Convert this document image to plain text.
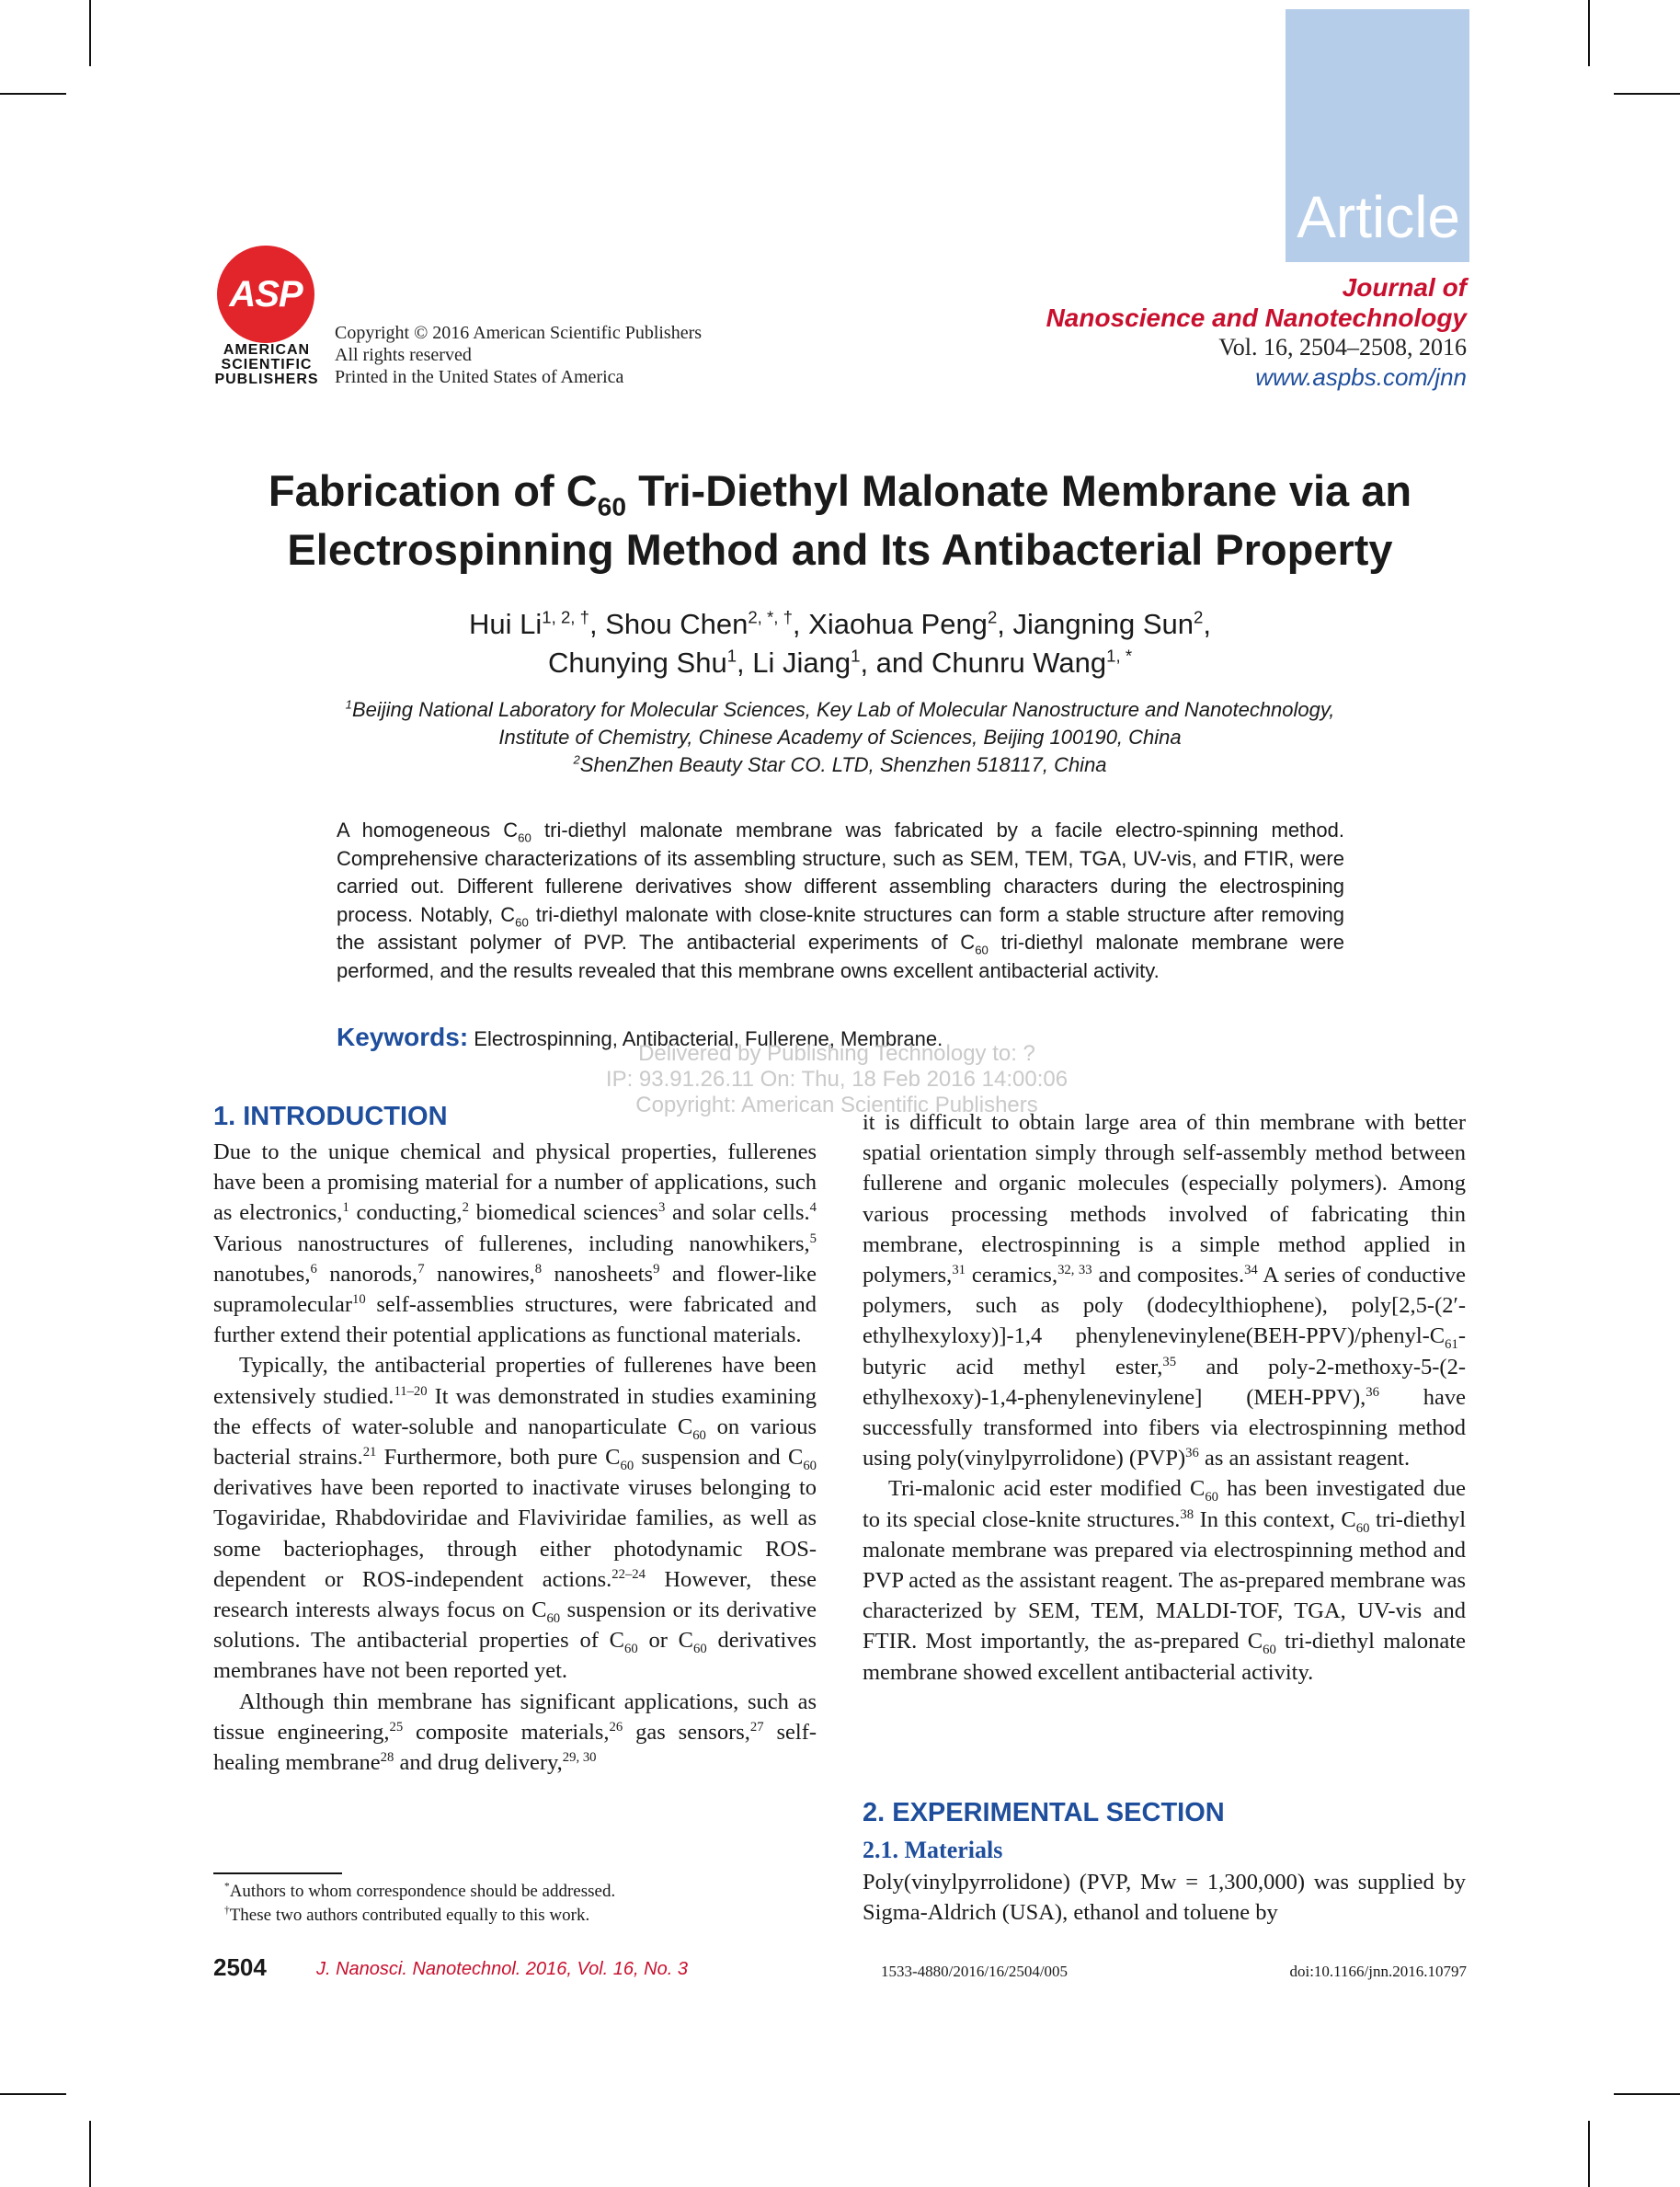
Article
ASP
AMERICAN
SCIENTIFIC
PUBLISHERS
Copyright © 2016 American Scientific Publishers
All rights reserved
Printed in the United States of America
Journal of
Nanoscience and Nanotechnology
Vol. 16, 2504–2508, 2016
www.aspbs.com/jnn
Fabrication of $C_{60}$ Tri-Diethyl Malonate Membrane via an
Electrospinning Method and Its Antibacterial Property
Hui $Li^{1, 2, \dagger}$, Shou Chen$^{2, *, \dagger}$, Xiaohua Peng$^2$, Jiangning Sun$^2$,
Chunying Shu$^1$, Li Jiang$^1$, and Chunru Wang$^{1, *}$
$^1$Beijing National Laboratory for Molecular Sciences, Key Lab of Molecular Nanostructure and Nanotechnology,
Institute of Chemistry, Chinese Academy of Sciences, Beijing 100190, China
$^2$ShenZhen Beauty Star CO. LTD, Shenzhen 518117, China
A homogeneous $C_{60}$ tri-diethyl malonate membrane was fabricated by a facile electro-spinning method. Comprehensive characterizations of its assembling structure, such as SEM, TEM, TGA, UV-vis, and FTIR, were carried out. Different fullerene derivatives show different assembling characters during the electrospining process. Notably, $C_{60}$ tri-diethyl malonate with close-knite structures can form a stable structure after removing the assistant polymer of PVP. The antibacterial experiments of $C_{60}$ tri-diethyl malonate membrane were performed, and the results revealed that this membrane owns excellent antibacterial activity.
Keywords: Electrospinning, Antibacterial, Fullerene, Membrane.
Delivered by Publishing Technology to: ?
IP: 93.91.26.11 On: Thu, 18 Feb 2016 14:00:06
Copyright: American Scientific Publishers
1. INTRODUCTION
2. EXPERIMENTAL SECTION
2.1. Materials

Due to the unique chemical and physical properties, fullerenes have been a promising material for a number of applications, such as electronics,$^1$ conducting,$^2$ biomedical sciences$^3$ and solar cells.$^4$ Various nanostructures of fullerenes, including nanowhikers,$^5$ nanotubes,$^6$ nanorods,$^7$ nanowires,$^8$ nanosheets$^9$ and flower-like supramolecular$^{10}$ self-assemblies structures, were fabricated and further extend their potential applications as functional materials.

Typically, the antibacterial properties of fullerenes have been extensively studied.$^{11-20}$ It was demonstrated in studies examining the effects of water-soluble and nanoparticulate $C_{60}$ on various bacterial strains.$^{21}$ Furthermore, both pure $C_{60}$ suspension and $C_{60}$ derivatives have been reported to inactivate viruses belonging to Togaviridae, Rhabdoviridae and Flaviviridae families, as well as some bacteriophages, through either photodynamic ROS-dependent or ROS-independent actions.$^{22-24}$ However, these research interests always focus on $C_{60}$ suspension or its derivative solutions. The antibacterial properties of $C_{60}$ or $C_{60}$ derivatives membranes have not been reported yet.

Although thin membrane has significant applications, such as tissue engineering,$^{25}$ composite materials,$^{26}$ gas sensors,$^{27}$ self-healing membrane$^{28}$ and drug delivery,$^{29, 30}$

it is difficult to obtain large area of thin membrane with better spatial orientation simply through self-assembly method between fullerene and organic molecules (especially polymers). Among various processing methods involved of fabricating thin membrane, electrospinning is a simple method applied in polymers,$^{31}$ ceramics,$^{32, 33}$ and composites.$^{34}$ A series of conductive polymers, such as poly (dodecylthiophene), poly[2,5-(2′-ethylhexyloxy)]-1,4 $phenylenevinylene(BEH-PPV)/phenyl-C_{61}$-butyric acid methyl ester,$^{35}$ and poly-2-methoxy-5-(2-ethylhexoxy)-1,4-phenylenevinylene] (MEH-PPV),$^{36}$ have successfully transformed into fibers via electrospinning method using poly(vinylpyrrolidone) (PVP)$^{36}$ as an assistant reagent.

Tri-malonic acid ester modified $C_{60}$ has been investigated due to its special close-knite structures.$^{38}$ In this context, $C_{60}$ tri-diethyl malonate membrane was prepared via electrospinning method and PVP acted as the assistant reagent. The as-prepared membrane was characterized by SEM, TEM, MALDI-TOF, TGA, UV-vis and FTIR. Most importantly, the as-prepared $C_{60}$ tri-diethyl malonate membrane showed excellent antibacterial activity.

Poly(vinylpyrrolidone) (PVP, Mw = 1,300,000) was supplied by Sigma-Aldrich (USA), ethanol and toluene by

*Authors to whom correspondence should be addressed.
†These two authors contributed equally to this work.
2504	J. Nanosci. Nanotechnol. 2016, Vol. 16, No. 3	1533-4880/2016/16/2504/005	doi:10.1166/jnn.2016.10797
